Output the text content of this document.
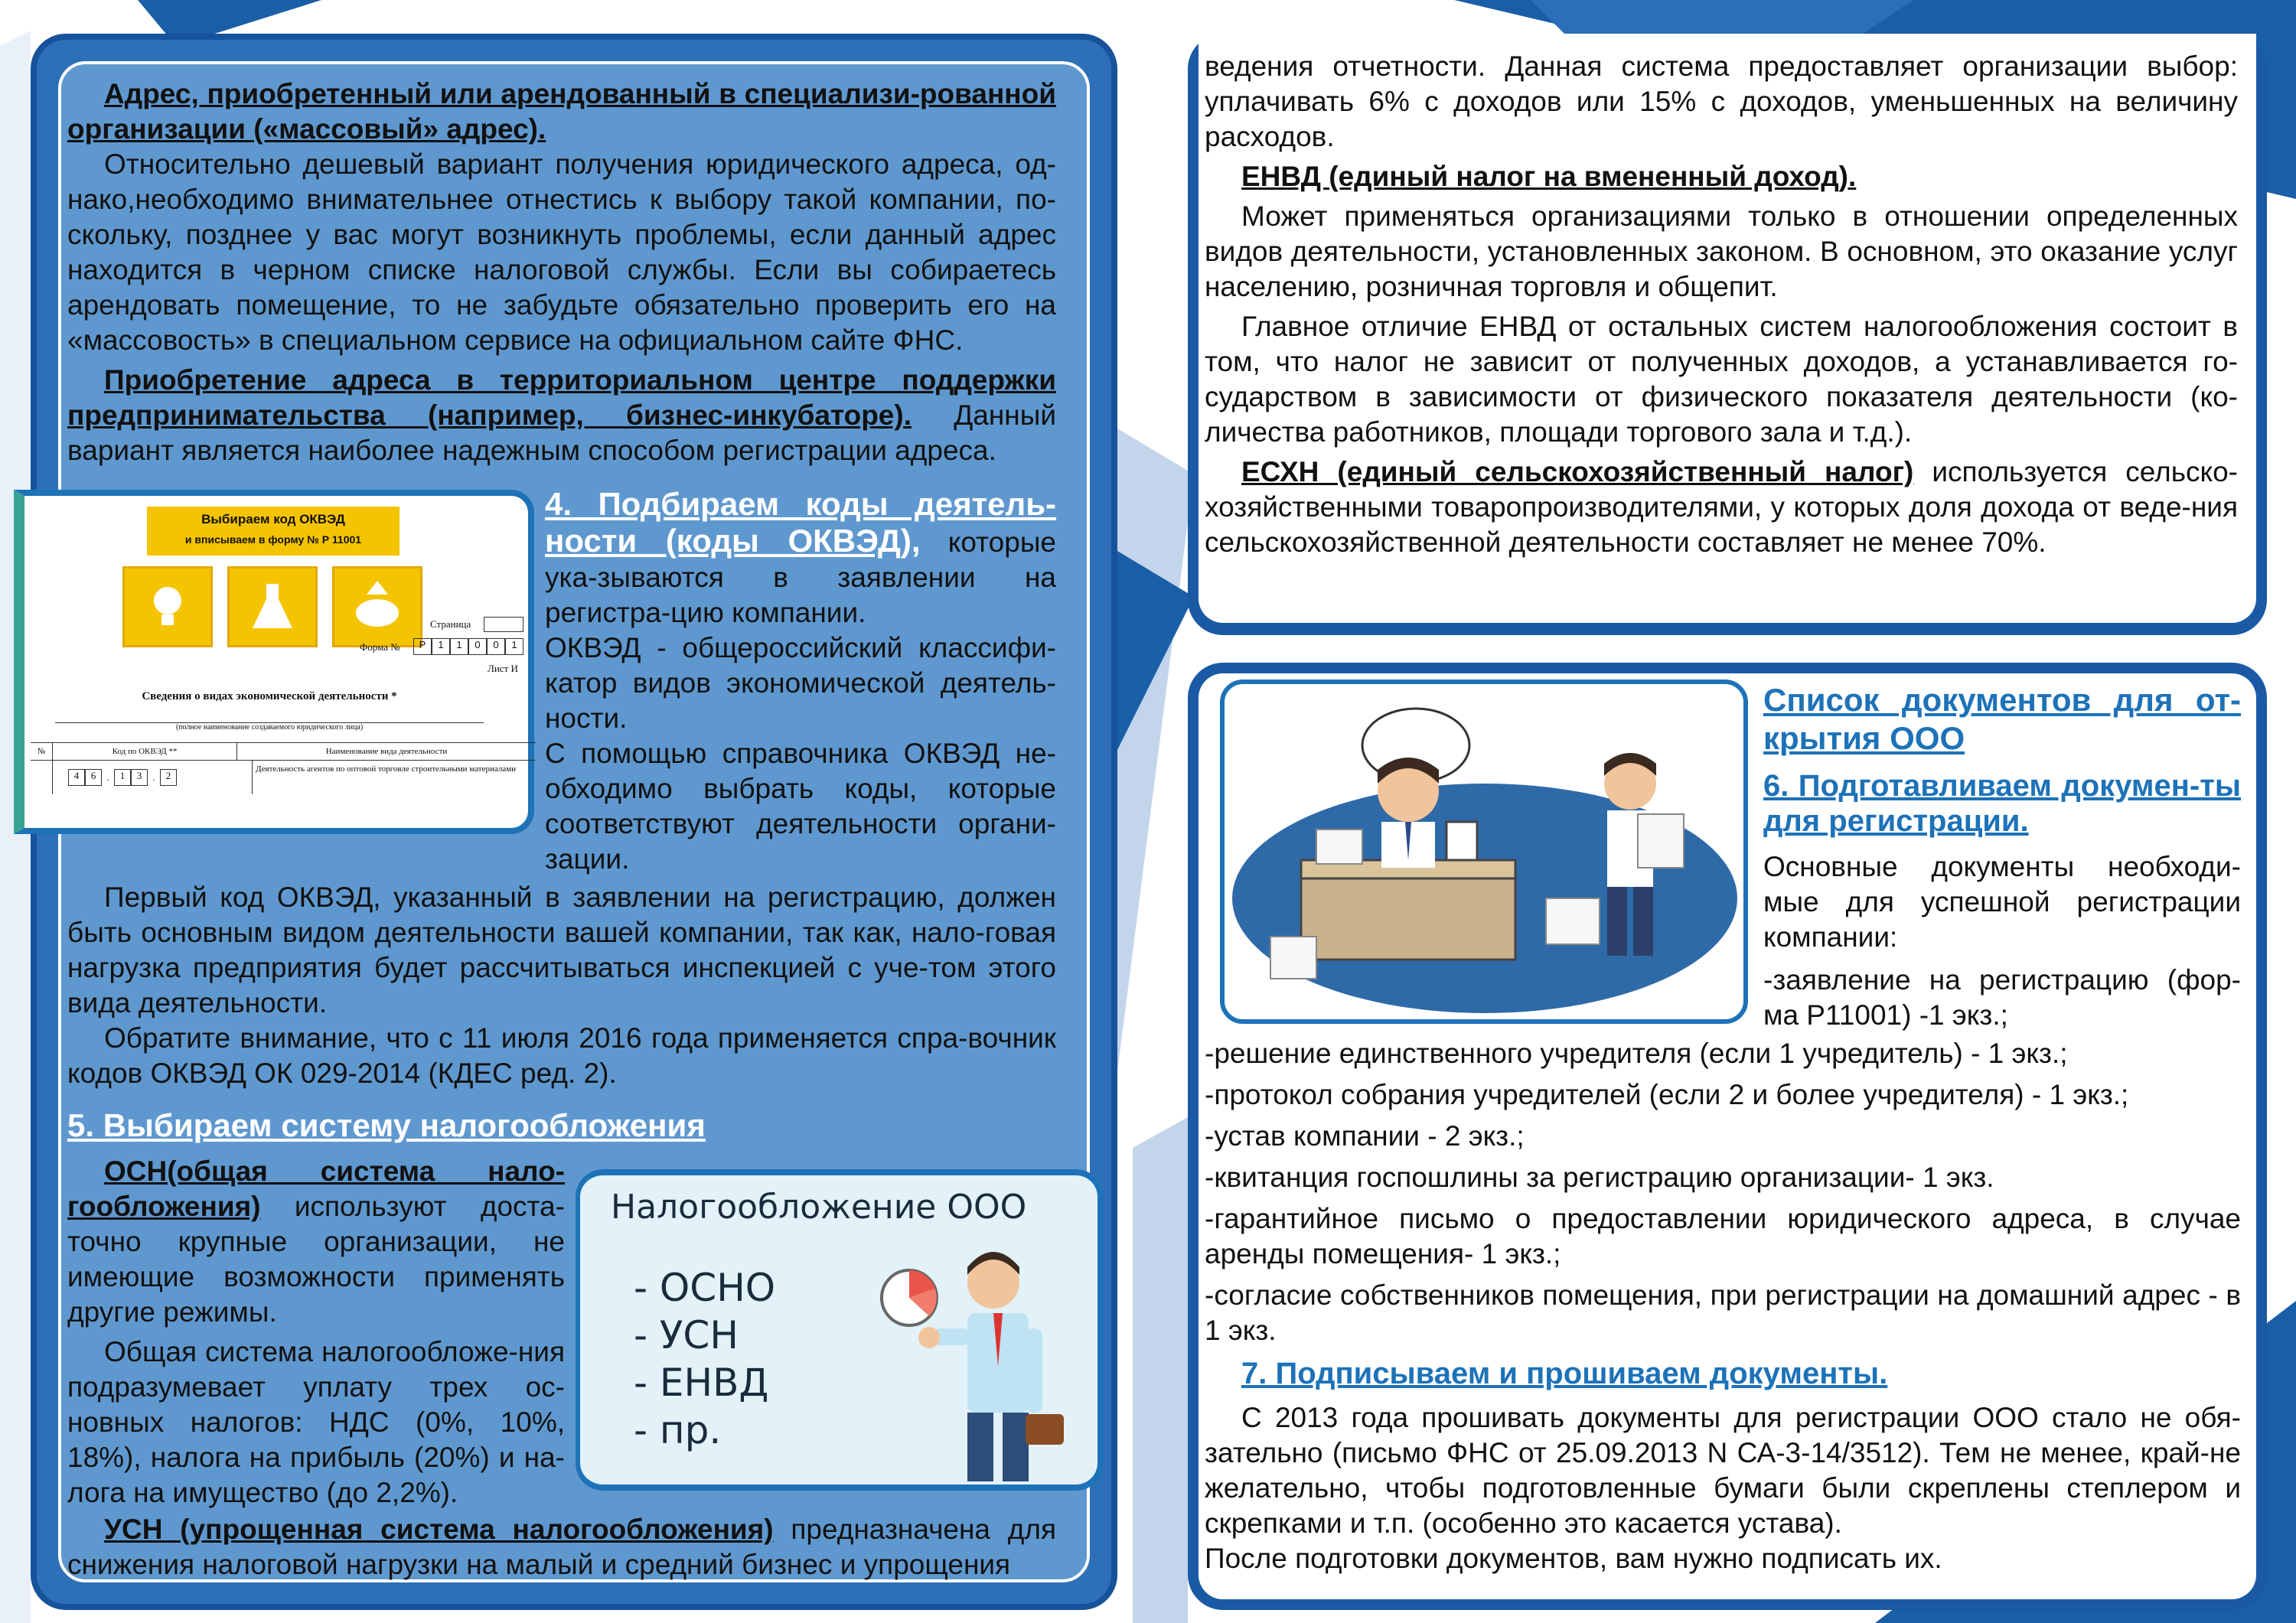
Адрес, приобретенный или арендованный в специализи-рованной организации («массовый» адрес).

Относительно дешевый вариант получения юридического адреса, од-нако,необходимо внимательнее отнестись к выбору такой компании, по-скольку, позднее у вас могут возникнуть проблемы, если данный адрес находится в черном списке налоговой службы. Если вы собираетесь арендовать помещение, то не забудьте обязательно проверить его на «массовость» в специальном сервисе на официальном сайте ФНС.

Приобретение адреса в территориальном центре поддержки предпринимательства (например, бизнес-инкубаторе). Данный вариант является наиболее надежным способом регистрации адреса.

Выбираем код ОКВЭД
и вписываем в форму № Р 11001
Страница
Форма №	Р	1	1	0	0	1
Лист И
Сведения о видах экономической деятельности *
(полное наименование создаваемого юридического лица)
№	Код по ОКВЭД **	Наименование вида деятельности
4	6	.	1	3	.	2
Деятельность агентов по оптовой торговле строительными материалами

4. Подбираем коды деятель-ности (коды ОКВЭД), которые ука-зываются в заявлении на регистра-цию компании.

ОКВЭД - общероссийский классифи-катор видов экономической деятель-ности.

С помощью справочника ОКВЭД не-обходимо выбрать коды, которые соответствуют деятельности органи-зации.

Первый код ОКВЭД, указанный в заявлении на регистрацию, должен быть основным видом деятельности вашей компании, так как, нало-говая нагрузка предприятия будет рассчитываться инспекцией с уче-том этого вида деятельности.

Обратите внимание, что с 11 июля 2016 года применяется спра-вочник кодов ОКВЭД ОК 029-2014 (КДЕС ред. 2).

5. Выбираем систему налогообложения
Налогообложение ООО
- ОСНО
- УСН
- ЕНВД
- пр.

ОСН(общая система нало-гообложения) используют доста-точно крупные организации, не имеющие возможности применять другие режимы.

Общая система налогообложе-ния подразумевает уплату трех ос-новных налогов: НДС (0%, 10%, 18%), налога на прибыль (20%) и на-лога на имущество (до 2,2%).

УСН (упрощенная система налогообложения) предназначена для снижения налоговой нагрузки на малый и средний бизнес и упрощения

ведения отчетности. Данная система предоставляет организации выбор: уплачивать 6% с доходов или 15% с доходов, уменьшенных на величину расходов.

ЕНВД (единый налог на вмененный доход).

Может применяться организациями только в отношении определенных видов деятельности, установленных законом. В основном, это оказание услуг населению, розничная торговля и общепит.

Главное отличие ЕНВД от остальных систем налогообложения состоит в том, что налог не зависит от полученных доходов, а устанавливается го-сударством в зависимости от физического показателя деятельности (ко-личества работников, площади торгового зала и т.д.).

ЕСХН (единый сельскохозяйственный налог) используется сельско-хозяйственными товаропроизводителями, у которых доля дохода от веде-ния сельскохозяйственной деятельности составляет не менее 70%.

Список документов для от-крытия ООО

6. Подготавливаем докумен-ты для регистрации.

Основные документы необходи-мые для успешной регистрации компании:

-заявление на регистрацию (фор-ма Р11001) -1 экз.;

-решение единственного учредителя (если 1 учредитель) - 1 экз.;

-протокол собрания учредителей (если 2 и более учредителя) - 1 экз.;

-устав компании - 2 экз.;

-квитанция госпошлины за регистрацию организации- 1 экз.

-гарантийное письмо о предоставлении юридического адреса, в случае аренды помещения- 1 экз.;

-согласие собственников помещения, при регистрации на домашний адрес - в 1 экз.

7. Подписываем и прошиваем документы.

С 2013 года прошивать документы для регистрации ООО стало не обя-зательно (письмо ФНС от 25.09.2013 N СА-3-14/3512). Тем не менее, край-не желательно, чтобы подготовленные бумаги были скреплены степлером и скрепками и т.п. (особенно это касается устава).

После подготовки документов, вам нужно подписать их.
